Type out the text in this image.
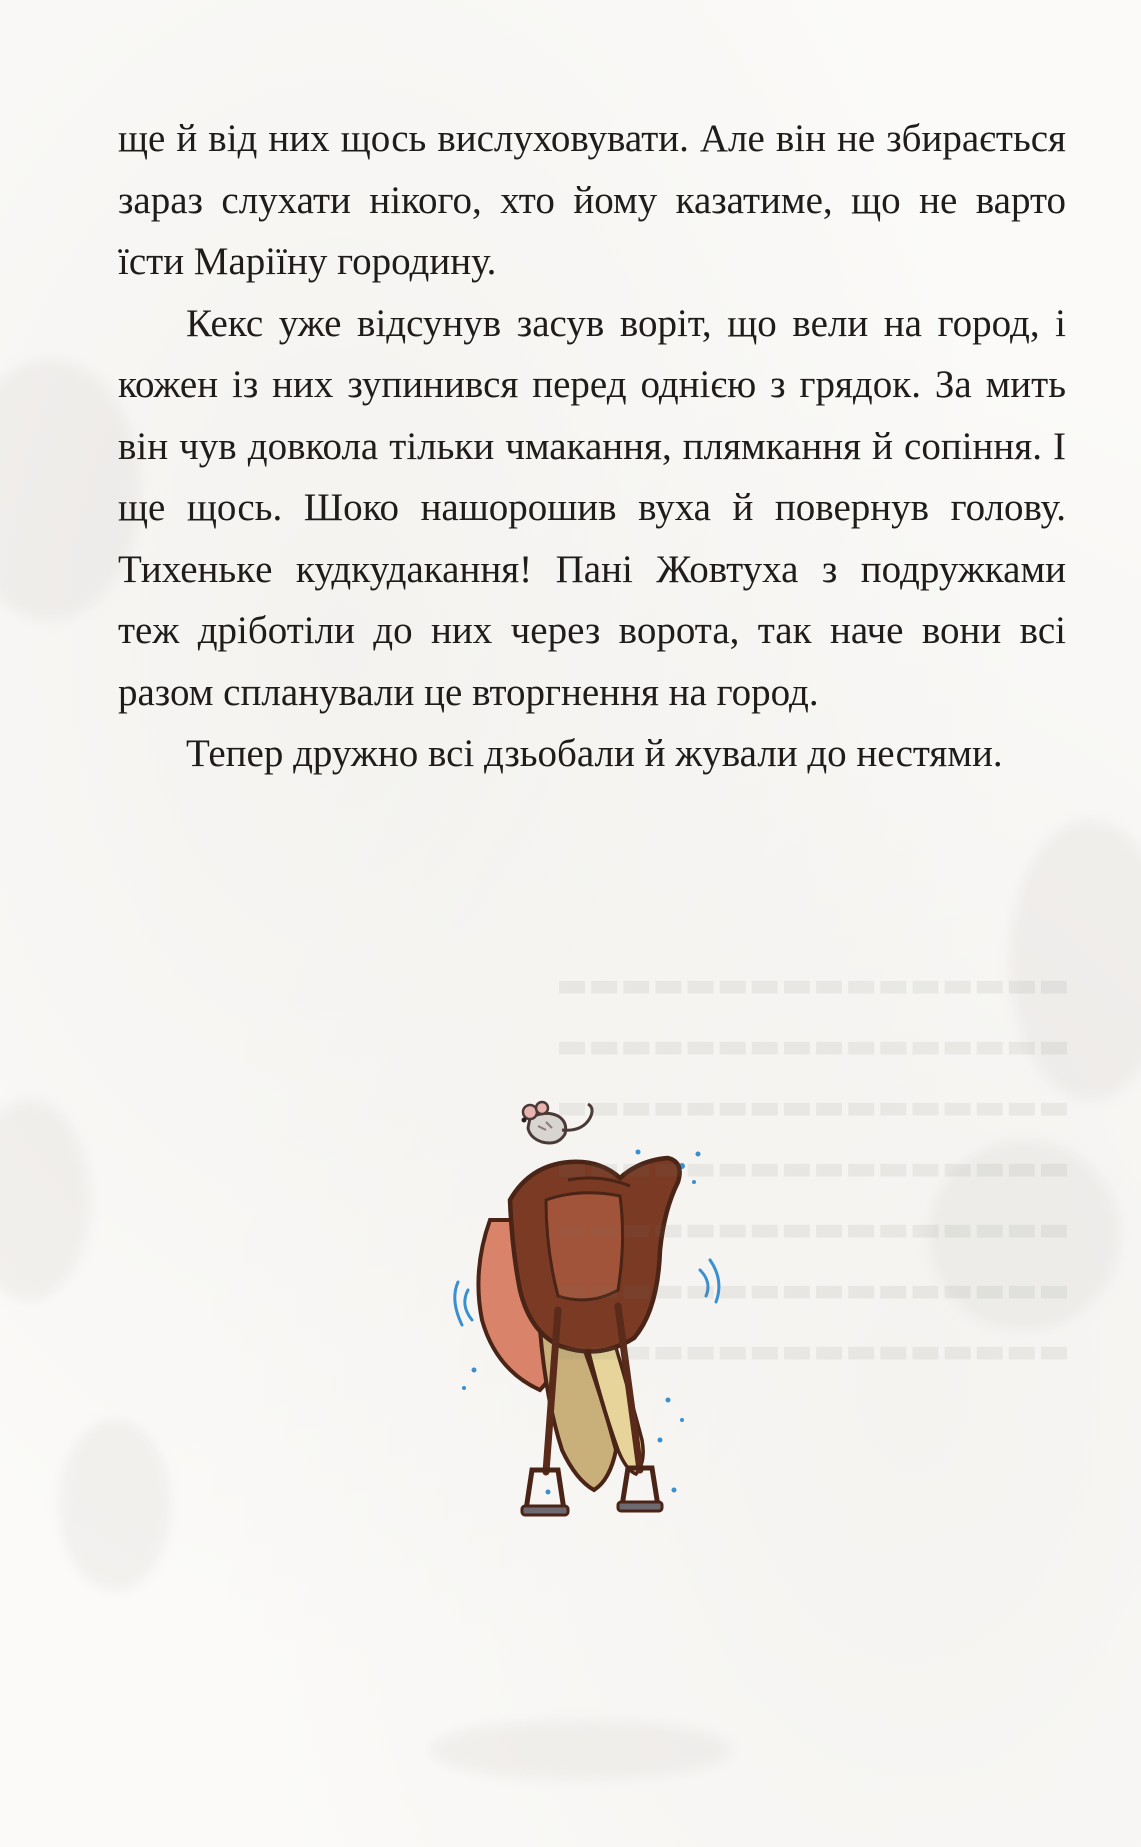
ще й від них щось вислуховувати. Але він не збирається зараз слухати нікого, хто йому казатиме, що не варто їсти Маріїну городину.

Кекс уже відсунув засув воріт, що вели на город, і кожен із них зупинився перед однією з грядок. За мить він чув довкола тільки чмакання, плямкання й сопіння. І ще щось. Шоко нашорошив вуха й повернув голову. Тихенькe кудкудакання! Пані Жовтуха з подружками теж дріботіли до них через ворота, так наче вони всі разом спланували це вторгнення на город.

Тепер дружно всі дзьобали й жували до нестями.

▬▬▬▬▬▬▬▬▬▬▬▬▬▬▬▬
▬▬▬▬▬▬▬▬▬▬▬▬▬▬▬▬
▬▬▬▬▬▬▬▬▬▬▬▬▬▬▬▬
▬▬▬▬▬▬▬▬▬▬▬▬▬▬▬▬
▬▬▬▬▬▬▬▬▬▬▬▬▬▬▬▬
▬▬▬▬▬▬▬▬▬▬▬▬▬▬▬▬
▬▬▬▬▬▬▬▬▬▬▬▬▬▬▬▬
